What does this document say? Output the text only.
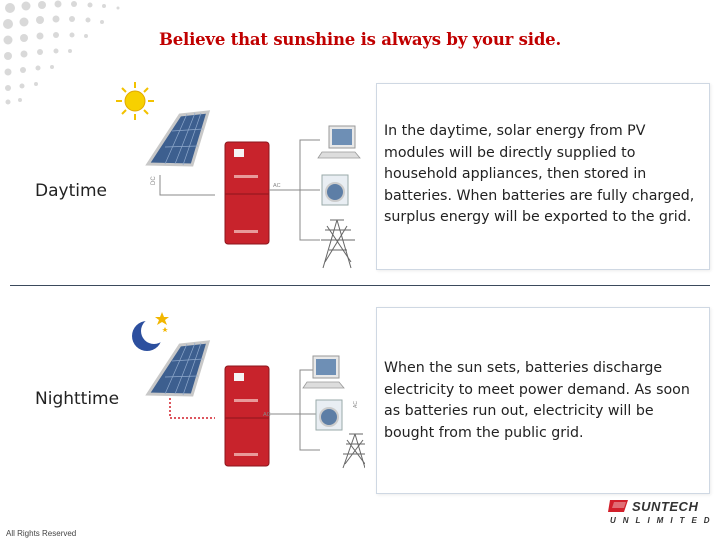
Believe that sunshine is always by your side.
Daytime
DC
AC
In the daytime, solar energy from PV modules will be directly supplied to household appliances, then stored in batteries. When batteries are fully charged, surplus energy will be exported to the grid.
Nighttime
AC
AC
When the sun sets, batteries discharge electricity to meet power demand. As soon as batteries run out, electricity will be bought from the public grid.
All Rights Reserved
SUNTECH
UNLIMITED
